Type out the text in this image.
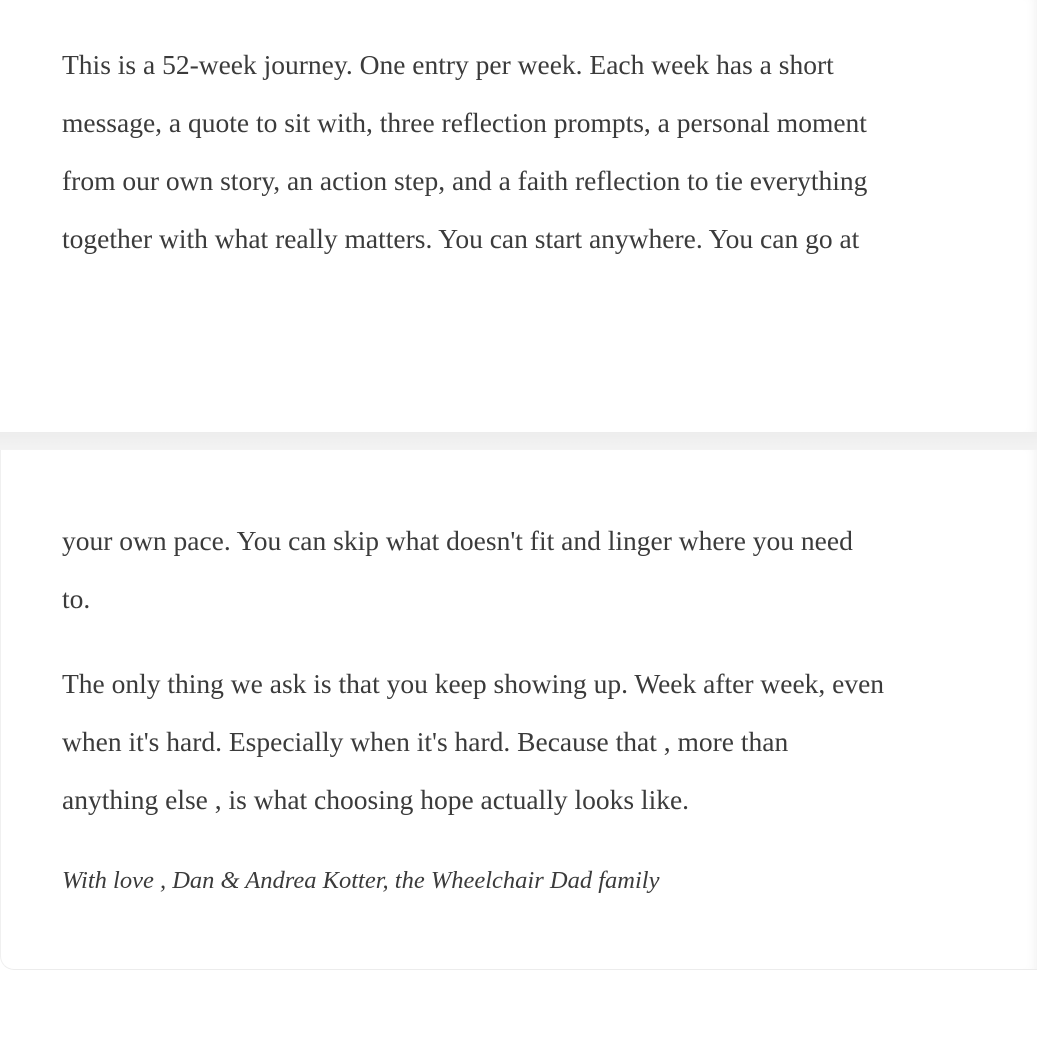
This is a 52-week journey. One entry per week. Each week has a short
message, a quote to sit with, three reflection prompts, a personal moment
from our own story, an action step, and a faith reflection to tie everything
together with what really matters. You can start anywhere. You can go at

your own pace. You can skip what doesn't fit and linger where you need
to.

The only thing we ask is that you keep showing up. Week after week, even
when it's hard. Especially when it's hard. Because that , more than
anything else , is what choosing hope actually looks like.

With love , Dan & Andrea Kotter, the Wheelchair Dad family
